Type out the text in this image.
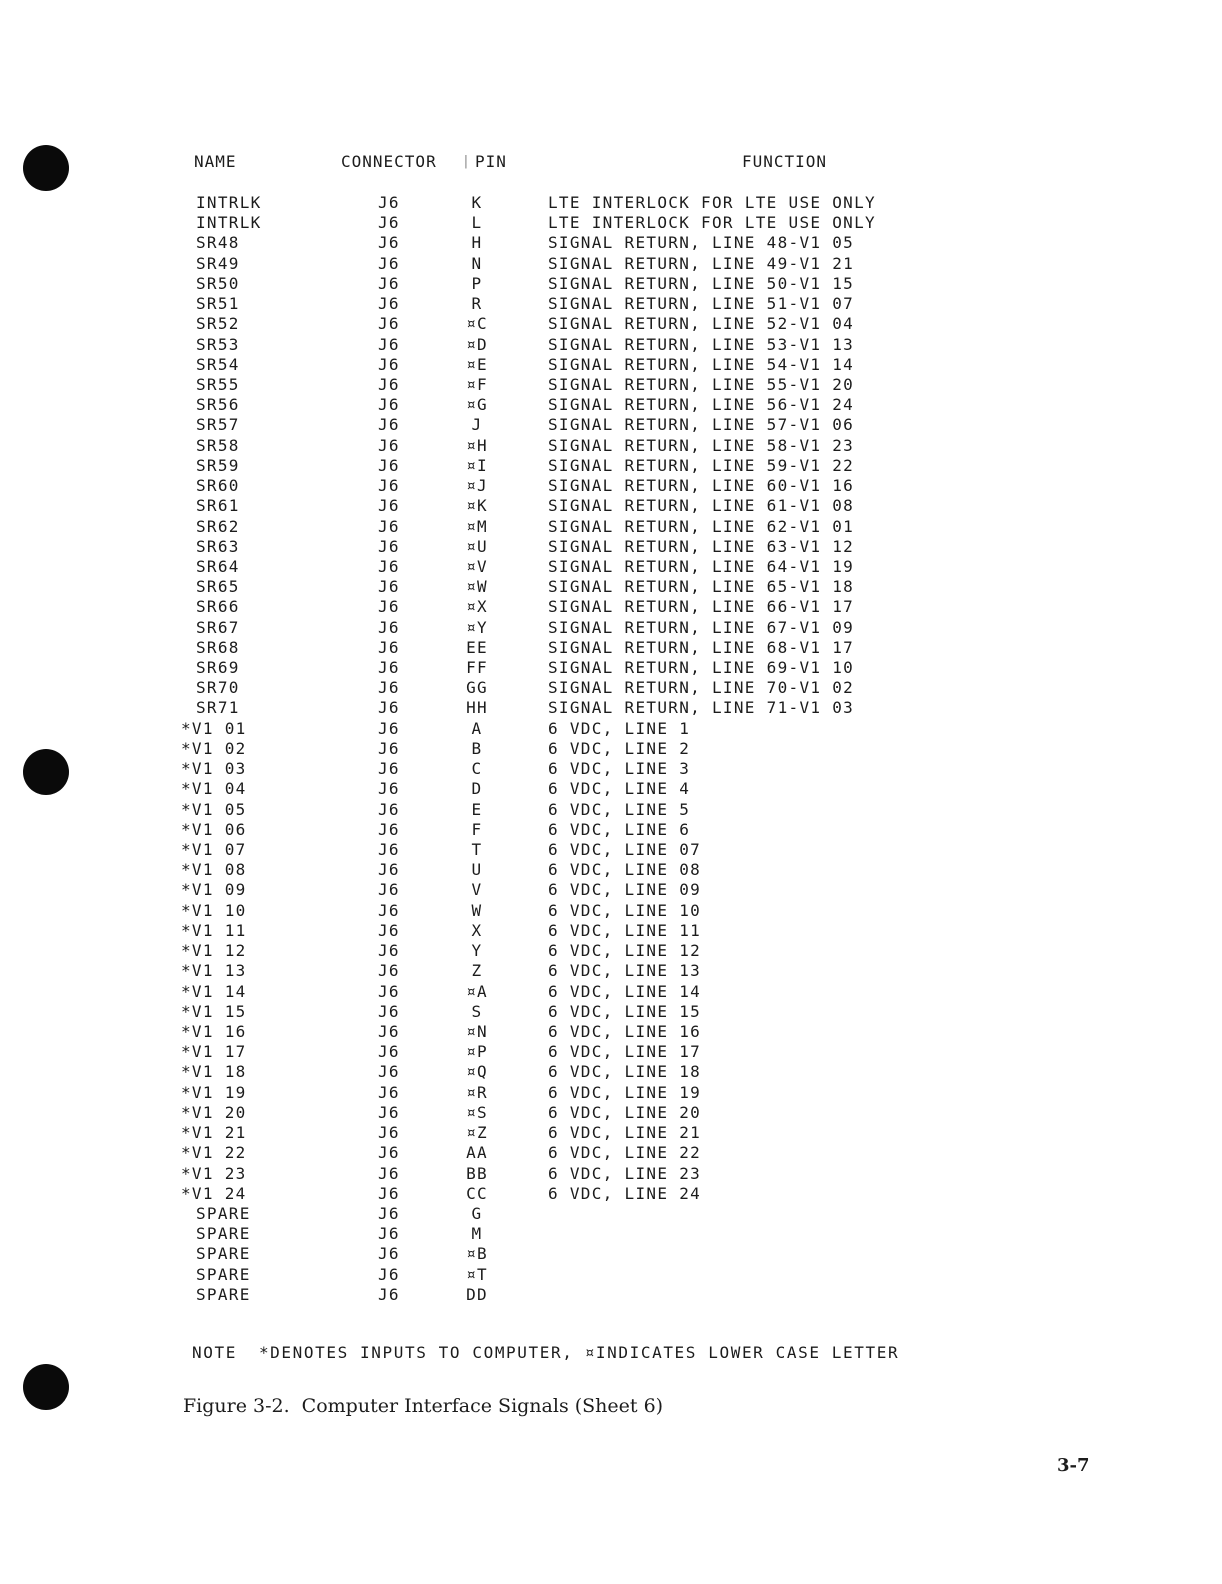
NAME	CONNECTOR | PIN	FUNCTION
INTRLK	J6	K	LTE INTERLOCK FOR LTE USE ONLY
INTRLK	J6	L	LTE INTERLOCK FOR LTE USE ONLY
SR48	J6	H	SIGNAL RETURN, LINE 48-V1 05
SR49	J6	N	SIGNAL RETURN, LINE 49-V1 21
SR50	J6	P	SIGNAL RETURN, LINE 50-V1 15
SR51	J6	R	SIGNAL RETURN, LINE 51-V1 07
SR52	J6	¤C	SIGNAL RETURN, LINE 52-V1 04
SR53	J6	¤D	SIGNAL RETURN, LINE 53-V1 13
SR54	J6	¤E	SIGNAL RETURN, LINE 54-V1 14
SR55	J6	¤F	SIGNAL RETURN, LINE 55-V1 20
SR56	J6	¤G	SIGNAL RETURN, LINE 56-V1 24
SR57	J6	J	SIGNAL RETURN, LINE 57-V1 06
SR58	J6	¤H	SIGNAL RETURN, LINE 58-V1 23
SR59	J6	¤I	SIGNAL RETURN, LINE 59-V1 22
SR60	J6	¤J	SIGNAL RETURN, LINE 60-V1 16
SR61	J6	¤K	SIGNAL RETURN, LINE 61-V1 08
SR62	J6	¤M	SIGNAL RETURN, LINE 62-V1 01
SR63	J6	¤U	SIGNAL RETURN, LINE 63-V1 12
SR64	J6	¤V	SIGNAL RETURN, LINE 64-V1 19
SR65	J6	¤W	SIGNAL RETURN, LINE 65-V1 18
SR66	J6	¤X	SIGNAL RETURN, LINE 66-V1 17
SR67	J6	¤Y	SIGNAL RETURN, LINE 67-V1 09
SR68	J6	EE	SIGNAL RETURN, LINE 68-V1 17
SR69	J6	FF	SIGNAL RETURN, LINE 69-V1 10
SR70	J6	GG	SIGNAL RETURN, LINE 70-V1 02
SR71	J6	HH	SIGNAL RETURN, LINE 71-V1 03
*V1 01	J6	A	6 VDC, LINE 1
*V1 02	J6	B	6 VDC, LINE 2
*V1 03	J6	C	6 VDC, LINE 3
*V1 04	J6	D	6 VDC, LINE 4
*V1 05	J6	E	6 VDC, LINE 5
*V1 06	J6	F	6 VDC, LINE 6
*V1 07	J6	T	6 VDC, LINE 07
*V1 08	J6	U	6 VDC, LINE 08
*V1 09	J6	V	6 VDC, LINE 09
*V1 10	J6	W	6 VDC, LINE 10
*V1 11	J6	X	6 VDC, LINE 11
*V1 12	J6	Y	6 VDC, LINE 12
*V1 13	J6	Z	6 VDC, LINE 13
*V1 14	J6	¤A	6 VDC, LINE 14
*V1 15	J6	S	6 VDC, LINE 15
*V1 16	J6	¤N	6 VDC, LINE 16
*V1 17	J6	¤P	6 VDC, LINE 17
*V1 18	J6	¤Q	6 VDC, LINE 18
*V1 19	J6	¤R	6 VDC, LINE 19
*V1 20	J6	¤S	6 VDC, LINE 20
*V1 21	J6	¤Z	6 VDC, LINE 21
*V1 22	J6	AA	6 VDC, LINE 22
*V1 23	J6	BB	6 VDC, LINE 23
*V1 24	J6	CC	6 VDC, LINE 24
SPARE	J6	G
SPARE	J6	M
SPARE	J6	¤B
SPARE	J6	¤T
SPARE	J6	DD
NOTE *DENOTES INPUTS TO COMPUTER, ¤INDICATES LOWER CASE LETTER
Figure 3-2. Computer Interface Signals (Sheet 6)
3-7
